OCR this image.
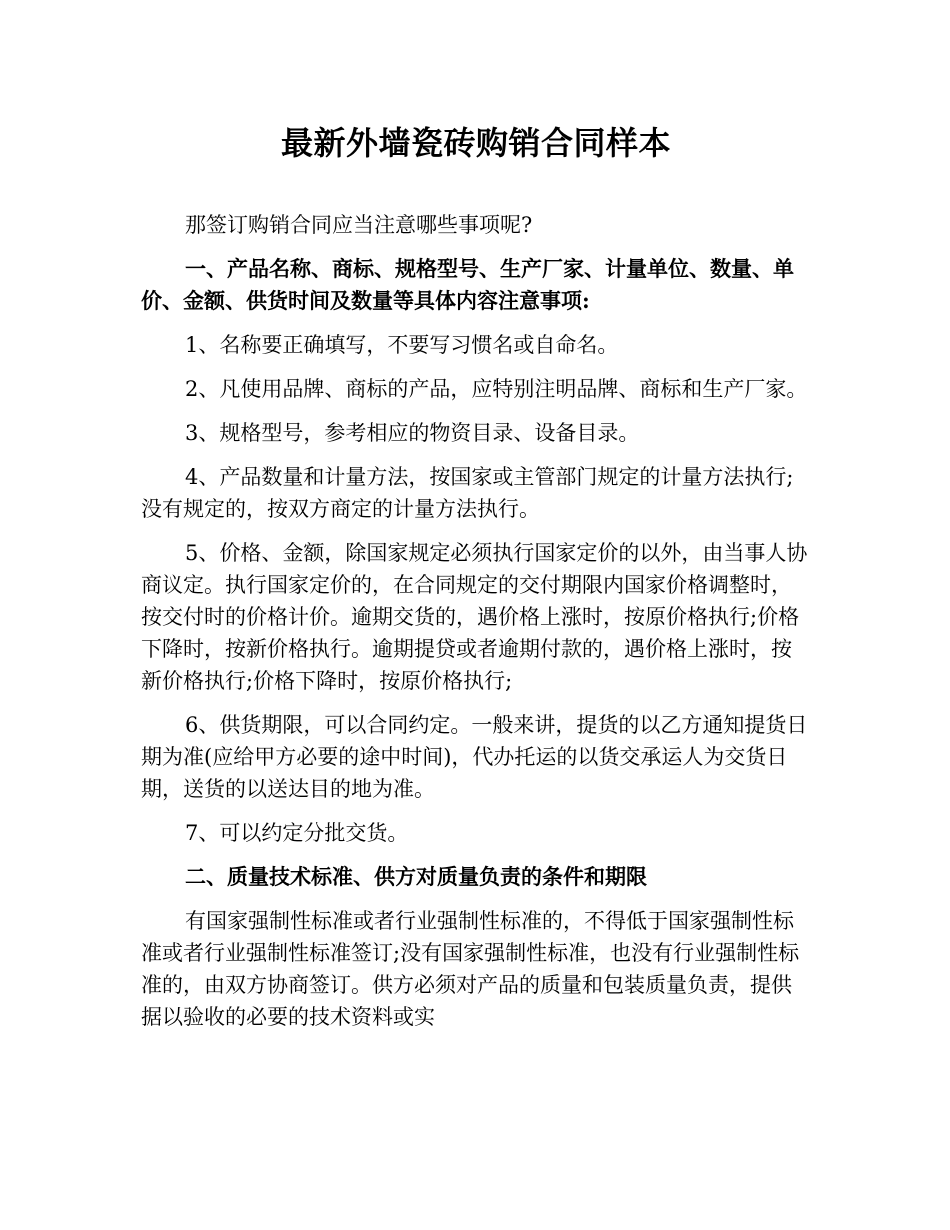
最新外墙瓷砖购销合同样本

那签订购销合同应当注意哪些事项呢?

一、产品名称、商标、规格型号、生产厂家、计量单位、数量、单价、金额、供货时间及数量等具体内容注意事项:

1、名称要正确填写，不要写习惯名或自命名。

2、凡使用品牌、商标的产品，应特别注明品牌、商标和生产厂家。

3、规格型号，参考相应的物资目录、设备目录。

4、产品数量和计量方法，按国家或主管部门规定的计量方法执行;没有规定的，按双方商定的计量方法执行。

5、价格、金额，除国家规定必须执行国家定价的以外，由当事人协商议定。执行国家定价的，在合同规定的交付期限内国家价格调整时，按交付时的价格计价。逾期交货的，遇价格上涨时，按原价格执行;价格下降时，按新价格执行。逾期提贷或者逾期付款的，遇价格上涨时，按新价格执行;价格下降时，按原价格执行;

6、供货期限，可以合同约定。一般来讲，提货的以乙方通知提货日期为准(应给甲方必要的途中时间)，代办托运的以货交承运人为交货日期，送货的以送达目的地为准。

7、可以约定分批交货。

二、质量技术标准、供方对质量负责的条件和期限

有国家强制性标准或者行业强制性标准的，不得低于国家强制性标准或者行业强制性标准签订;没有国家强制性标准，也没有行业强制性标准的，由双方协商签订。供方必须对产品的质量和包装质量负责，提供据以验收的必要的技术资料或实
